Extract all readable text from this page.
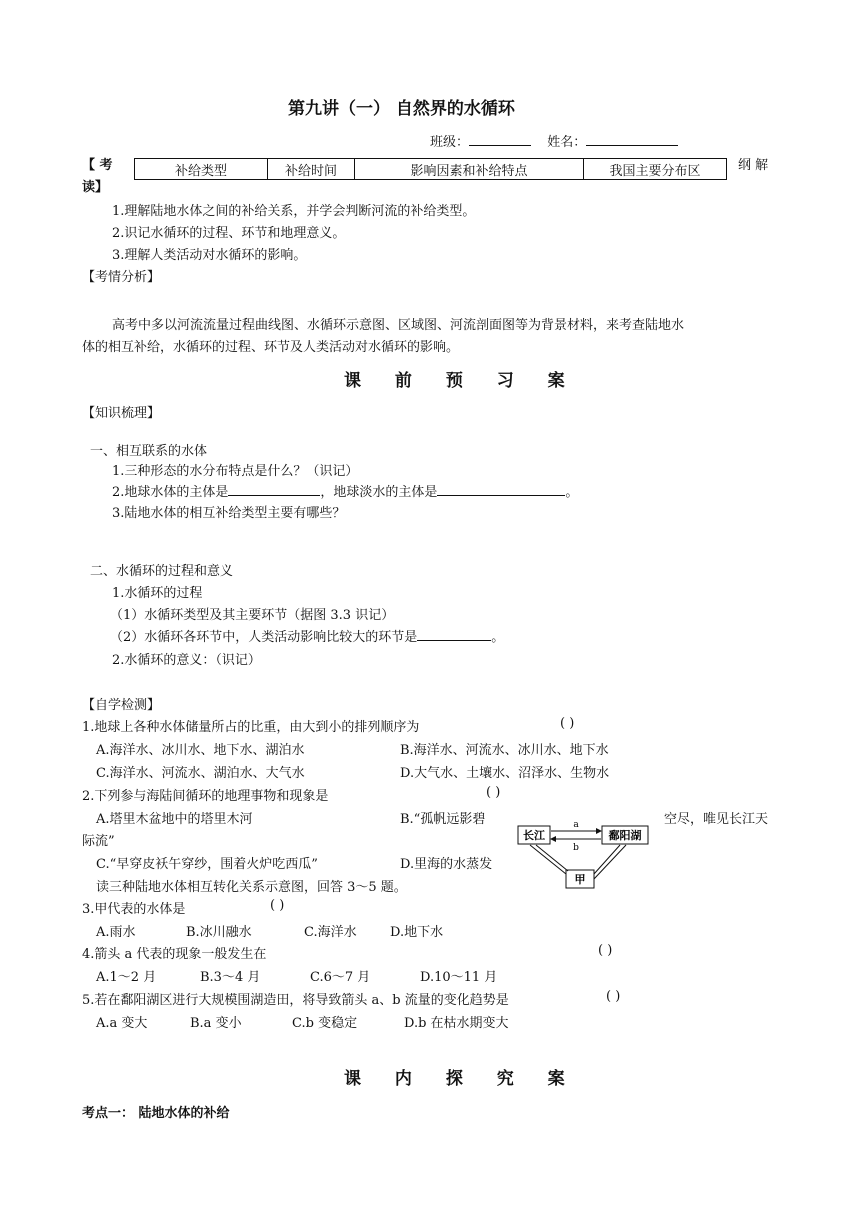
第九讲（一） 自然界的水循环
班级：	姓名：
【 考
读】
纲 解
补给类型	补给时间	影响因素和补给特点	我国主要分布区
1.理解陆地水体之间的补给关系，并学会判断河流的补给类型。
2.识记水循环的过程、环节和地理意义。
3.理解人类活动对水循环的影响。
【考情分析】
高考中多以河流流量过程曲线图、水循环示意图、区域图、河流剖面图等为背景材料，来考查陆地水
体的相互补给，水循环的过程、环节及人类活动对水循环的影响。
课 前 预 习 案
【知识梳理】
一、相互联系的水体
1.三种形态的水分布特点是什么？（识记）
2.地球水体的主体是	，地球淡水的主体是	。
3.陆地水体的相互补给类型主要有哪些？
二、水循环的过程和意义
1.水循环的过程
（1）水循环类型及其主要环节（据图 3.3 识记）
（2）水循环各环节中，人类活动影响比较大的环节是	。
2.水循环的意义：（识记）
【自学检测】
1.地球上各种水体储量所占的比重，由大到小的排列顺序为	( )
A.海洋水、冰川水、地下水、湖泊水	B.海洋水、河流水、冰川水、地下水
C.海洋水、河流水、湖泊水、大气水	D.大气水、土壤水、沼泽水、生物水
2.下列参与海陆间循环的地理事物和现象是	( )
A.塔里木盆地中的塔里木河	B.“孤帆远影碧	空尽，唯见长江天
际流”
C.“早穿皮袄午穿纱，围着火炉吃西瓜”	D.里海的水蒸发
读三种陆地水体相互转化关系示意图，回答 3～5 题。
长江	鄱阳湖
甲
a
b
3.甲代表的水体是	( )
A.雨水	B.冰川融水	C.海洋水	D.地下水
4.箭头 a 代表的现象一般发生在	( )
A.1～2 月	B.3～4 月	C.6～7 月	D.10～11 月
5.若在鄱阳湖区进行大规模围湖造田，将导致箭头 a、b 流量的变化趋势是	( )
A.a 变大	B.a 变小	C.b 变稳定	D.b 在枯水期变大
课 内 探 究 案
考点一： 陆地水体的补给
